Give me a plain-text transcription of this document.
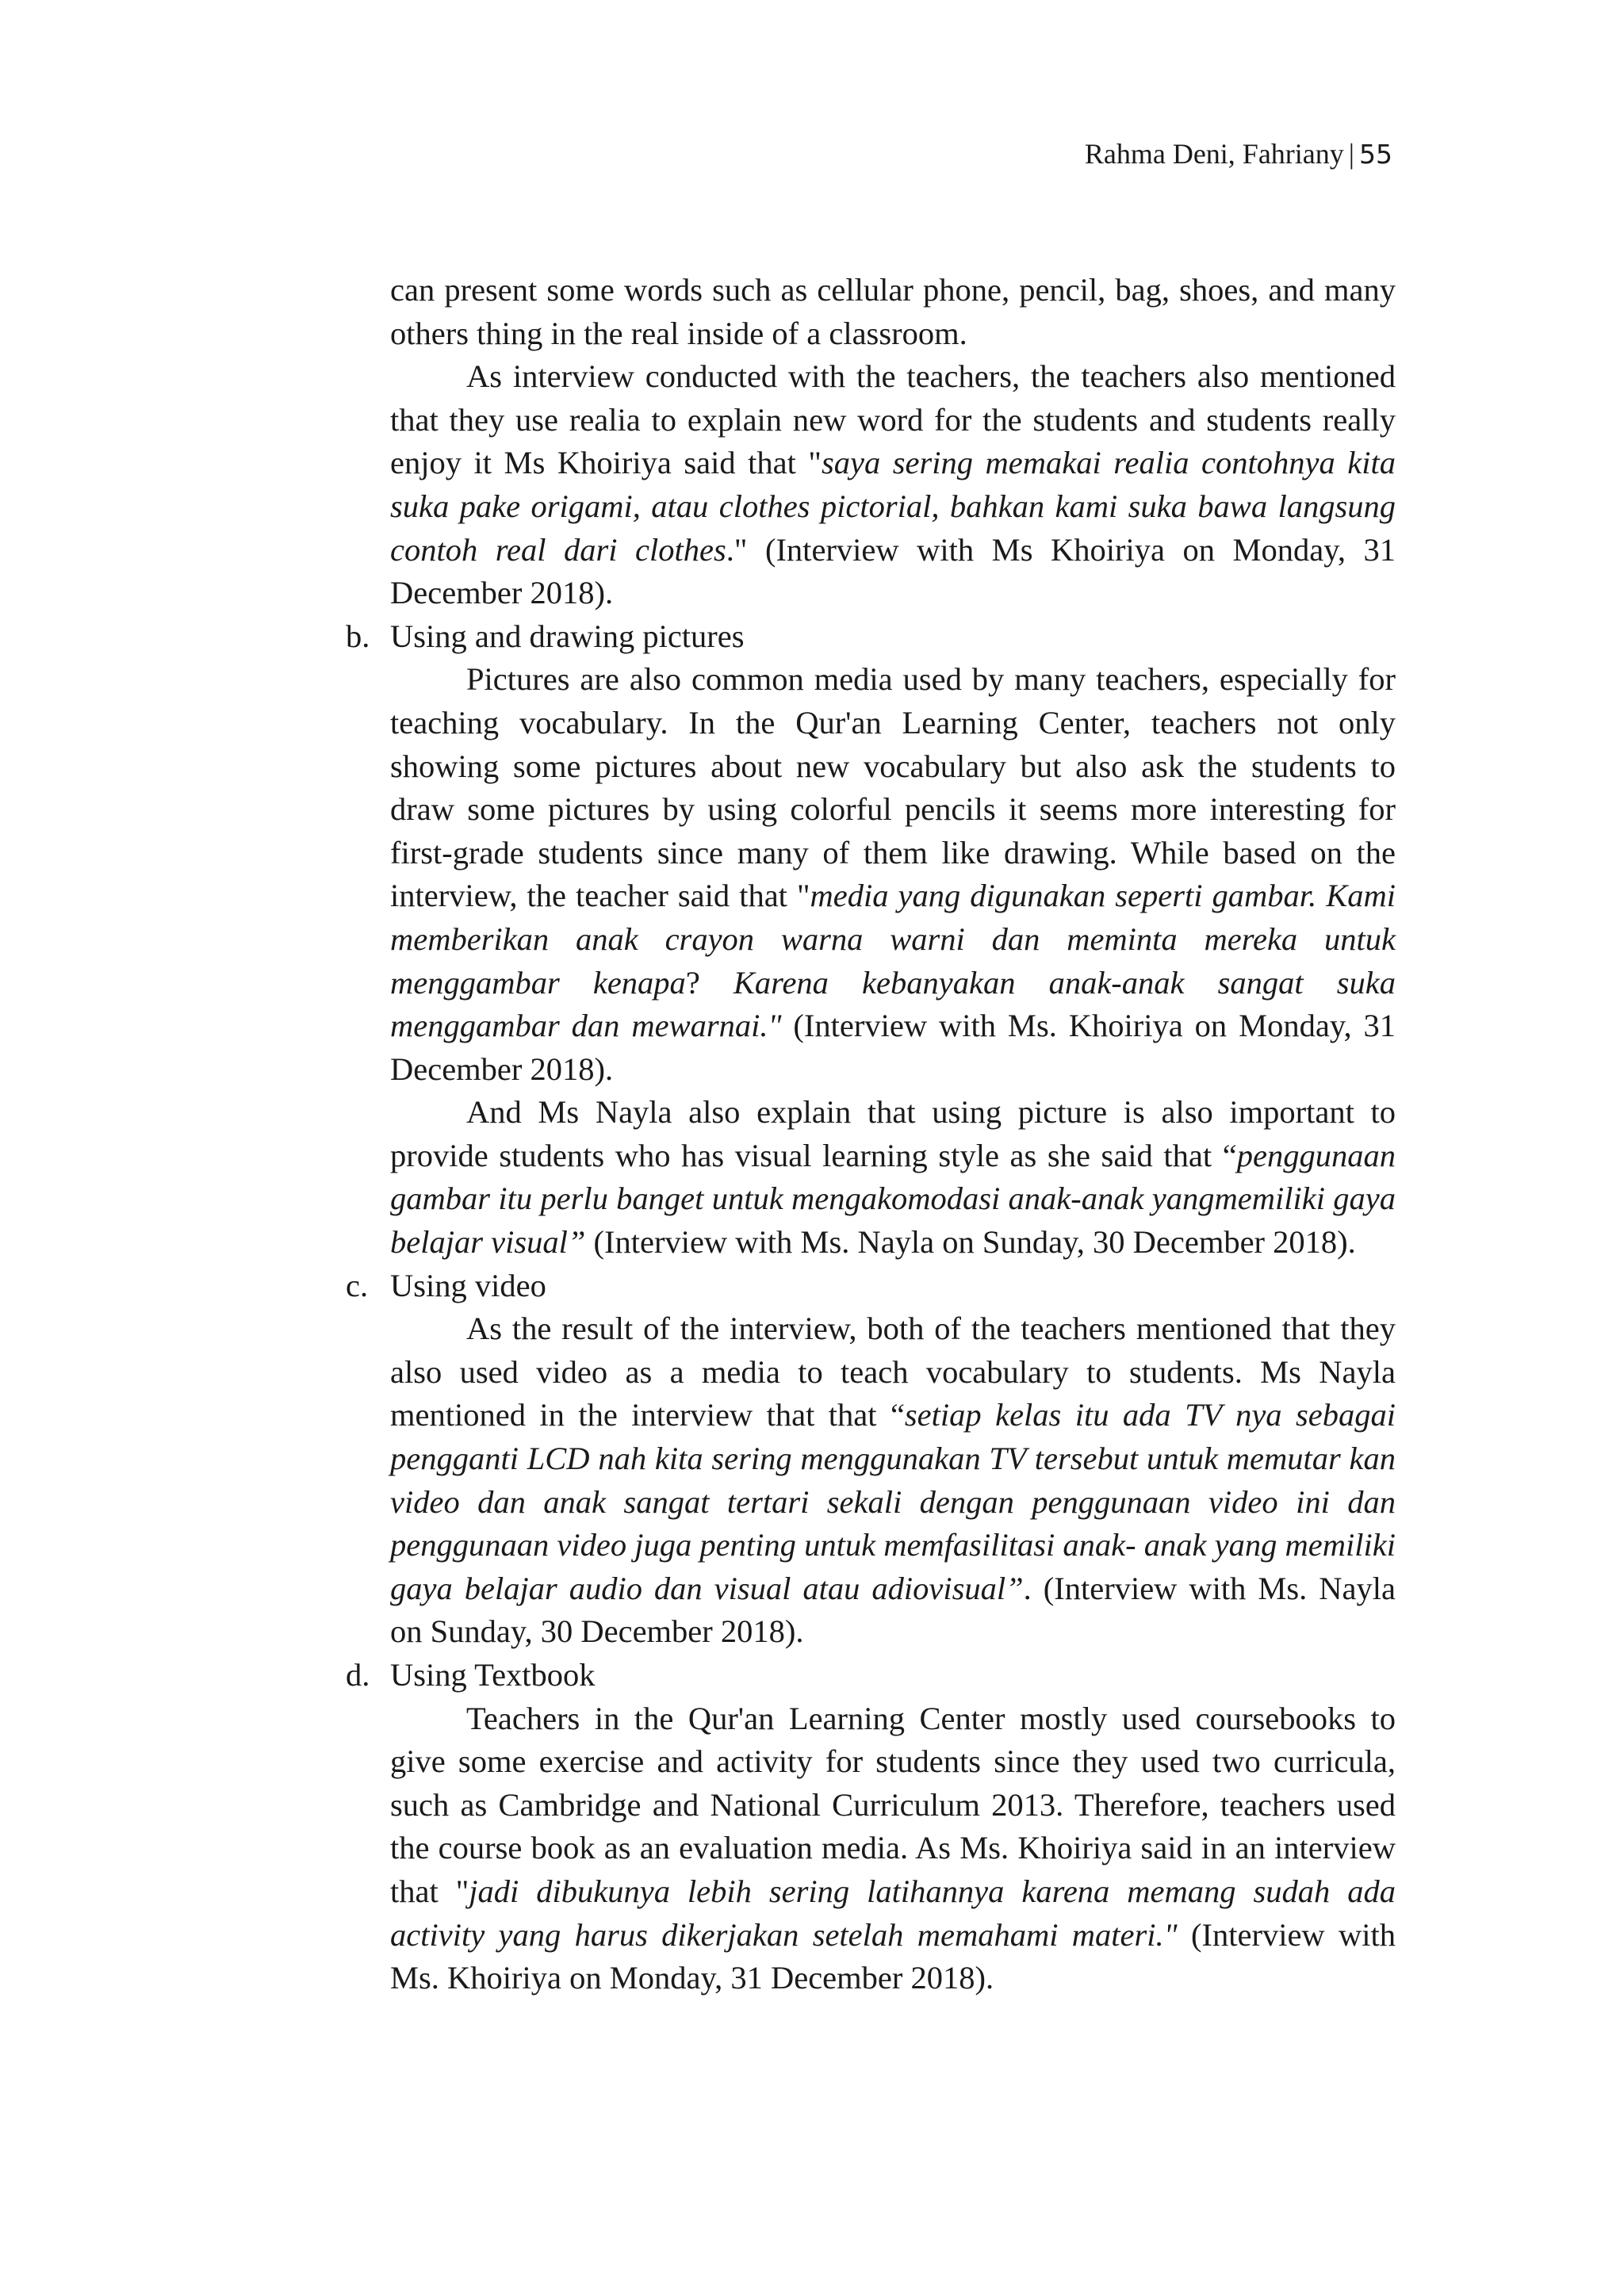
Rahma Deni, Fahriany | 55

can present some words such as cellular phone, pencil, bag, shoes, and many others thing in the real inside of a classroom.

As interview conducted with the teachers, the teachers also mentioned that they use realia to explain new word for the students and students really enjoy it Ms Khoiriya said that "saya sering memakai realia contohnya kita suka pake origami, atau clothes pictorial, bahkan kami suka bawa langsung contoh real dari clothes." (Interview with Ms Khoiriya on Monday, 31 December 2018).

b. Using and drawing pictures

Pictures are also common media used by many teachers, especially for teaching vocabulary. In the Qur'an Learning Center, teachers not only showing some pictures about new vocabulary but also ask the students to draw some pictures by using colorful pencils it seems more interesting for first-grade students since many of them like drawing. While based on the interview, the teacher said that "media yang digunakan seperti gambar. Kami memberikan anak crayon warna warni dan meminta mereka untuk menggambar kenapa? Karena kebanyakan anak-anak sangat suka menggambar dan mewarnai." (Interview with Ms. Khoiriya on Monday, 31 December 2018).

And Ms Nayla also explain that using picture is also important to provide students who has visual learning style as she said that “penggunaan gambar itu perlu banget untuk mengakomodasi anak-anak yangmemiliki gaya belajar visual” (Interview with Ms. Nayla on Sunday, 30 December 2018).

c. Using video

As the result of the interview, both of the teachers mentioned that they also used video as a media to teach vocabulary to students. Ms Nayla mentioned in the interview that that “setiap kelas itu ada TV nya sebagai pengganti LCD nah kita sering menggunakan TV tersebut untuk memutar kan video dan anak sangat tertari sekali dengan penggunaan video ini dan penggunaan video juga penting untuk memfasilitasi anak- anak yang memiliki gaya belajar audio dan visual atau adiovisual”. (Interview with Ms. Nayla on Sunday, 30 December 2018).

d. Using Textbook

Teachers in the Qur'an Learning Center mostly used coursebooks to give some exercise and activity for students since they used two curricula, such as Cambridge and National Curriculum 2013. Therefore, teachers used the course book as an evaluation media. As Ms. Khoiriya said in an interview that "jadi dibukunya lebih sering latihannya karena memang sudah ada activity yang harus dikerjakan setelah memahami materi." (Interview with Ms. Khoiriya on Monday, 31 December 2018).
